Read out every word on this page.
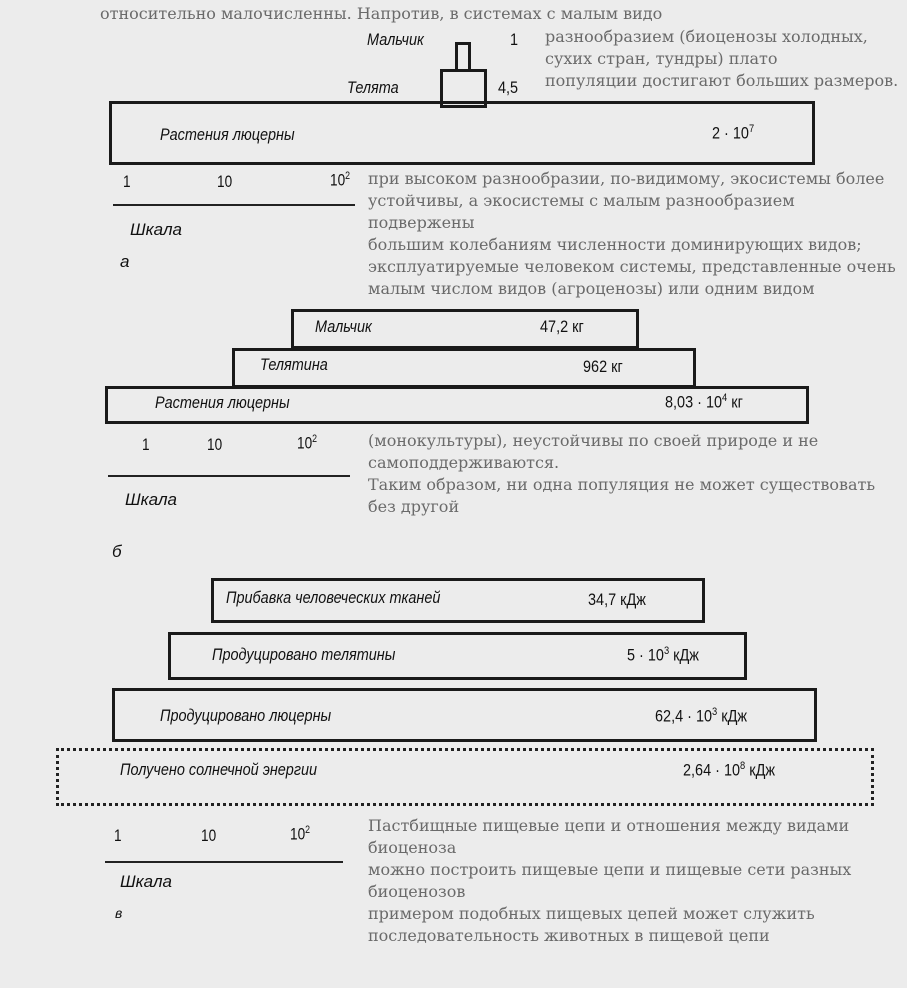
относительно малочисленны. Напротив, в системах с малым видо
разнообразием (биоценозы холодных, сухих стран, тундры) плато
популяции достигают больших размеров.
при высоком разнообразии, по-видимому, экосистемы более
устойчивы, а экосистемы с малым разнообразием подвержены
большим колебаниям численности доминирующих видов;
эксплуатируемые человеком системы, представленные очень
малым числом видов (агроценозы) или одним видом
(монокультуры), неустойчивы по своей природе и не
самоподдерживаются.
Таким образом, ни одна популяция не может существовать без другой
Пастбищные пищевые цепи и отношения между видами биоценоза
можно построить пищевые цепи и пищевые сети разных биоценозов
примером подобных пищевых цепей может служить
последовательность животных в пищевой цепи
Мальчик	1
Телята	4,5
Растения люцерны	$2 \cdot 10^7$
1	10	$10^2$
Шкала
а
Мальчик	47,2 кг
Телятина	962 кг
Растения люцерны	$8,03 \cdot 10^4$ кг
1	10	$10^2$
Шкала
б
Прибавка человеческих тканей	34,7 кДж
Продуцировано телятины	$5 \cdot 10^3$ кДж
Продуцировано люцерны	$62,4 \cdot 10^3$ кДж
Получено солнечной энергии	$2,64 \cdot 10^8$ кДж
1	10	$10^2$
Шкала
в
